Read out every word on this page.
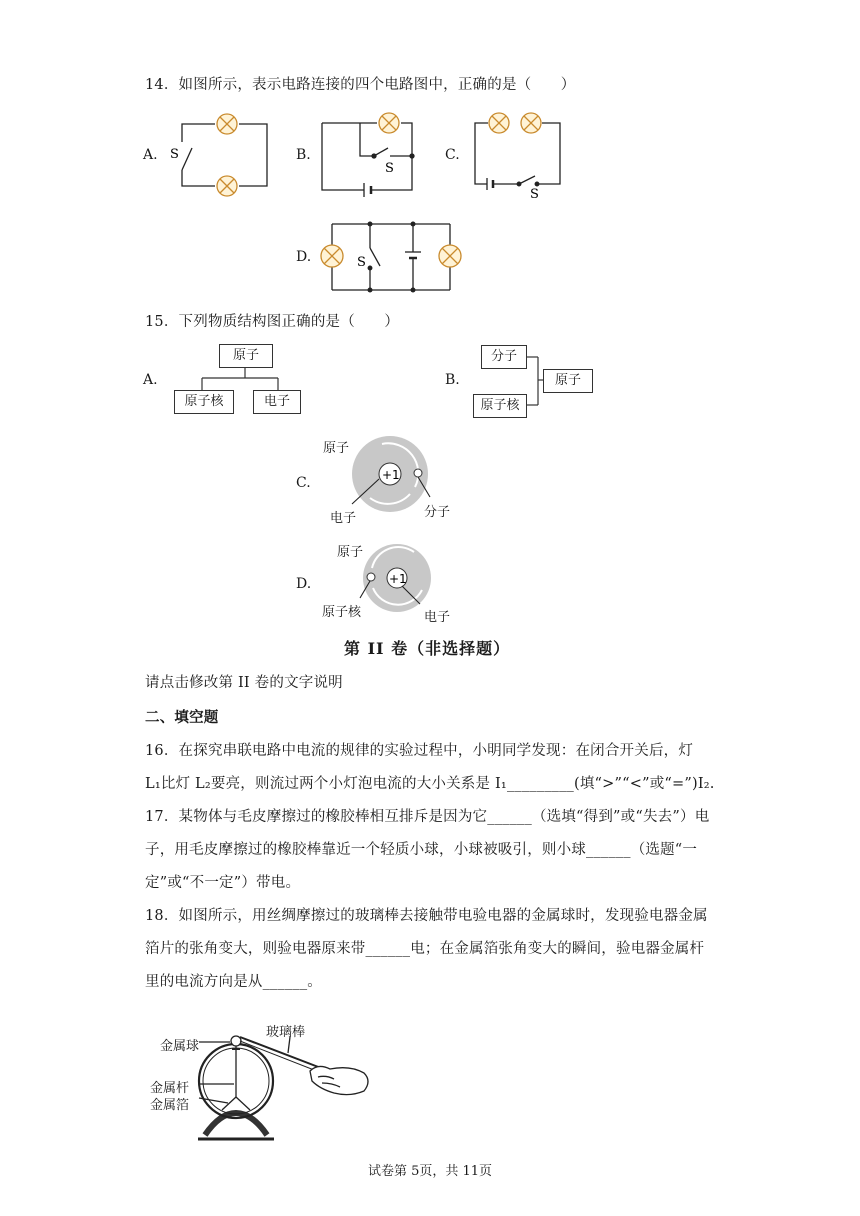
14．如图所示，表示电路连接的四个电路图中，正确的是（　　）
A. S	B.
S
C.
S
D.	S
15．下列物质结构图正确的是（　　）
A.
原子
原子核	电子
B.
分子
原子核
原子
C.	+1
原子
电子	分子
D.	+1
原子
原子核	电子
第 II 卷（非选择题）
请点击修改第 II 卷的文字说明
二、填空题
16．在探究串联电路中电流的规律的实验过程中，小明同学发现：在闭合开关后，灯
L₁比灯 L₂要亮，则流过两个小灯泡电流的大小关系是 I₁_________(填“>”“<”或“=”)I₂.
17．某物体与毛皮摩擦过的橡胶棒相互排斥是因为它______（选填“得到”或“失去”）电
子，用毛皮摩擦过的橡胶棒靠近一个轻质小球，小球被吸引，则小球______（选题“一
定”或“不一定”）带电。
18．如图所示，用丝绸摩擦过的玻璃棒去接触带电验电器的金属球时，发现验电器金属
箔片的张角变大，则验电器原来带______电；在金属箔张角变大的瞬间，验电器金属杆
里的电流方向是从______。
金属球
金属杆
金属箔
玻璃棒
试卷第 5页，共 11页
